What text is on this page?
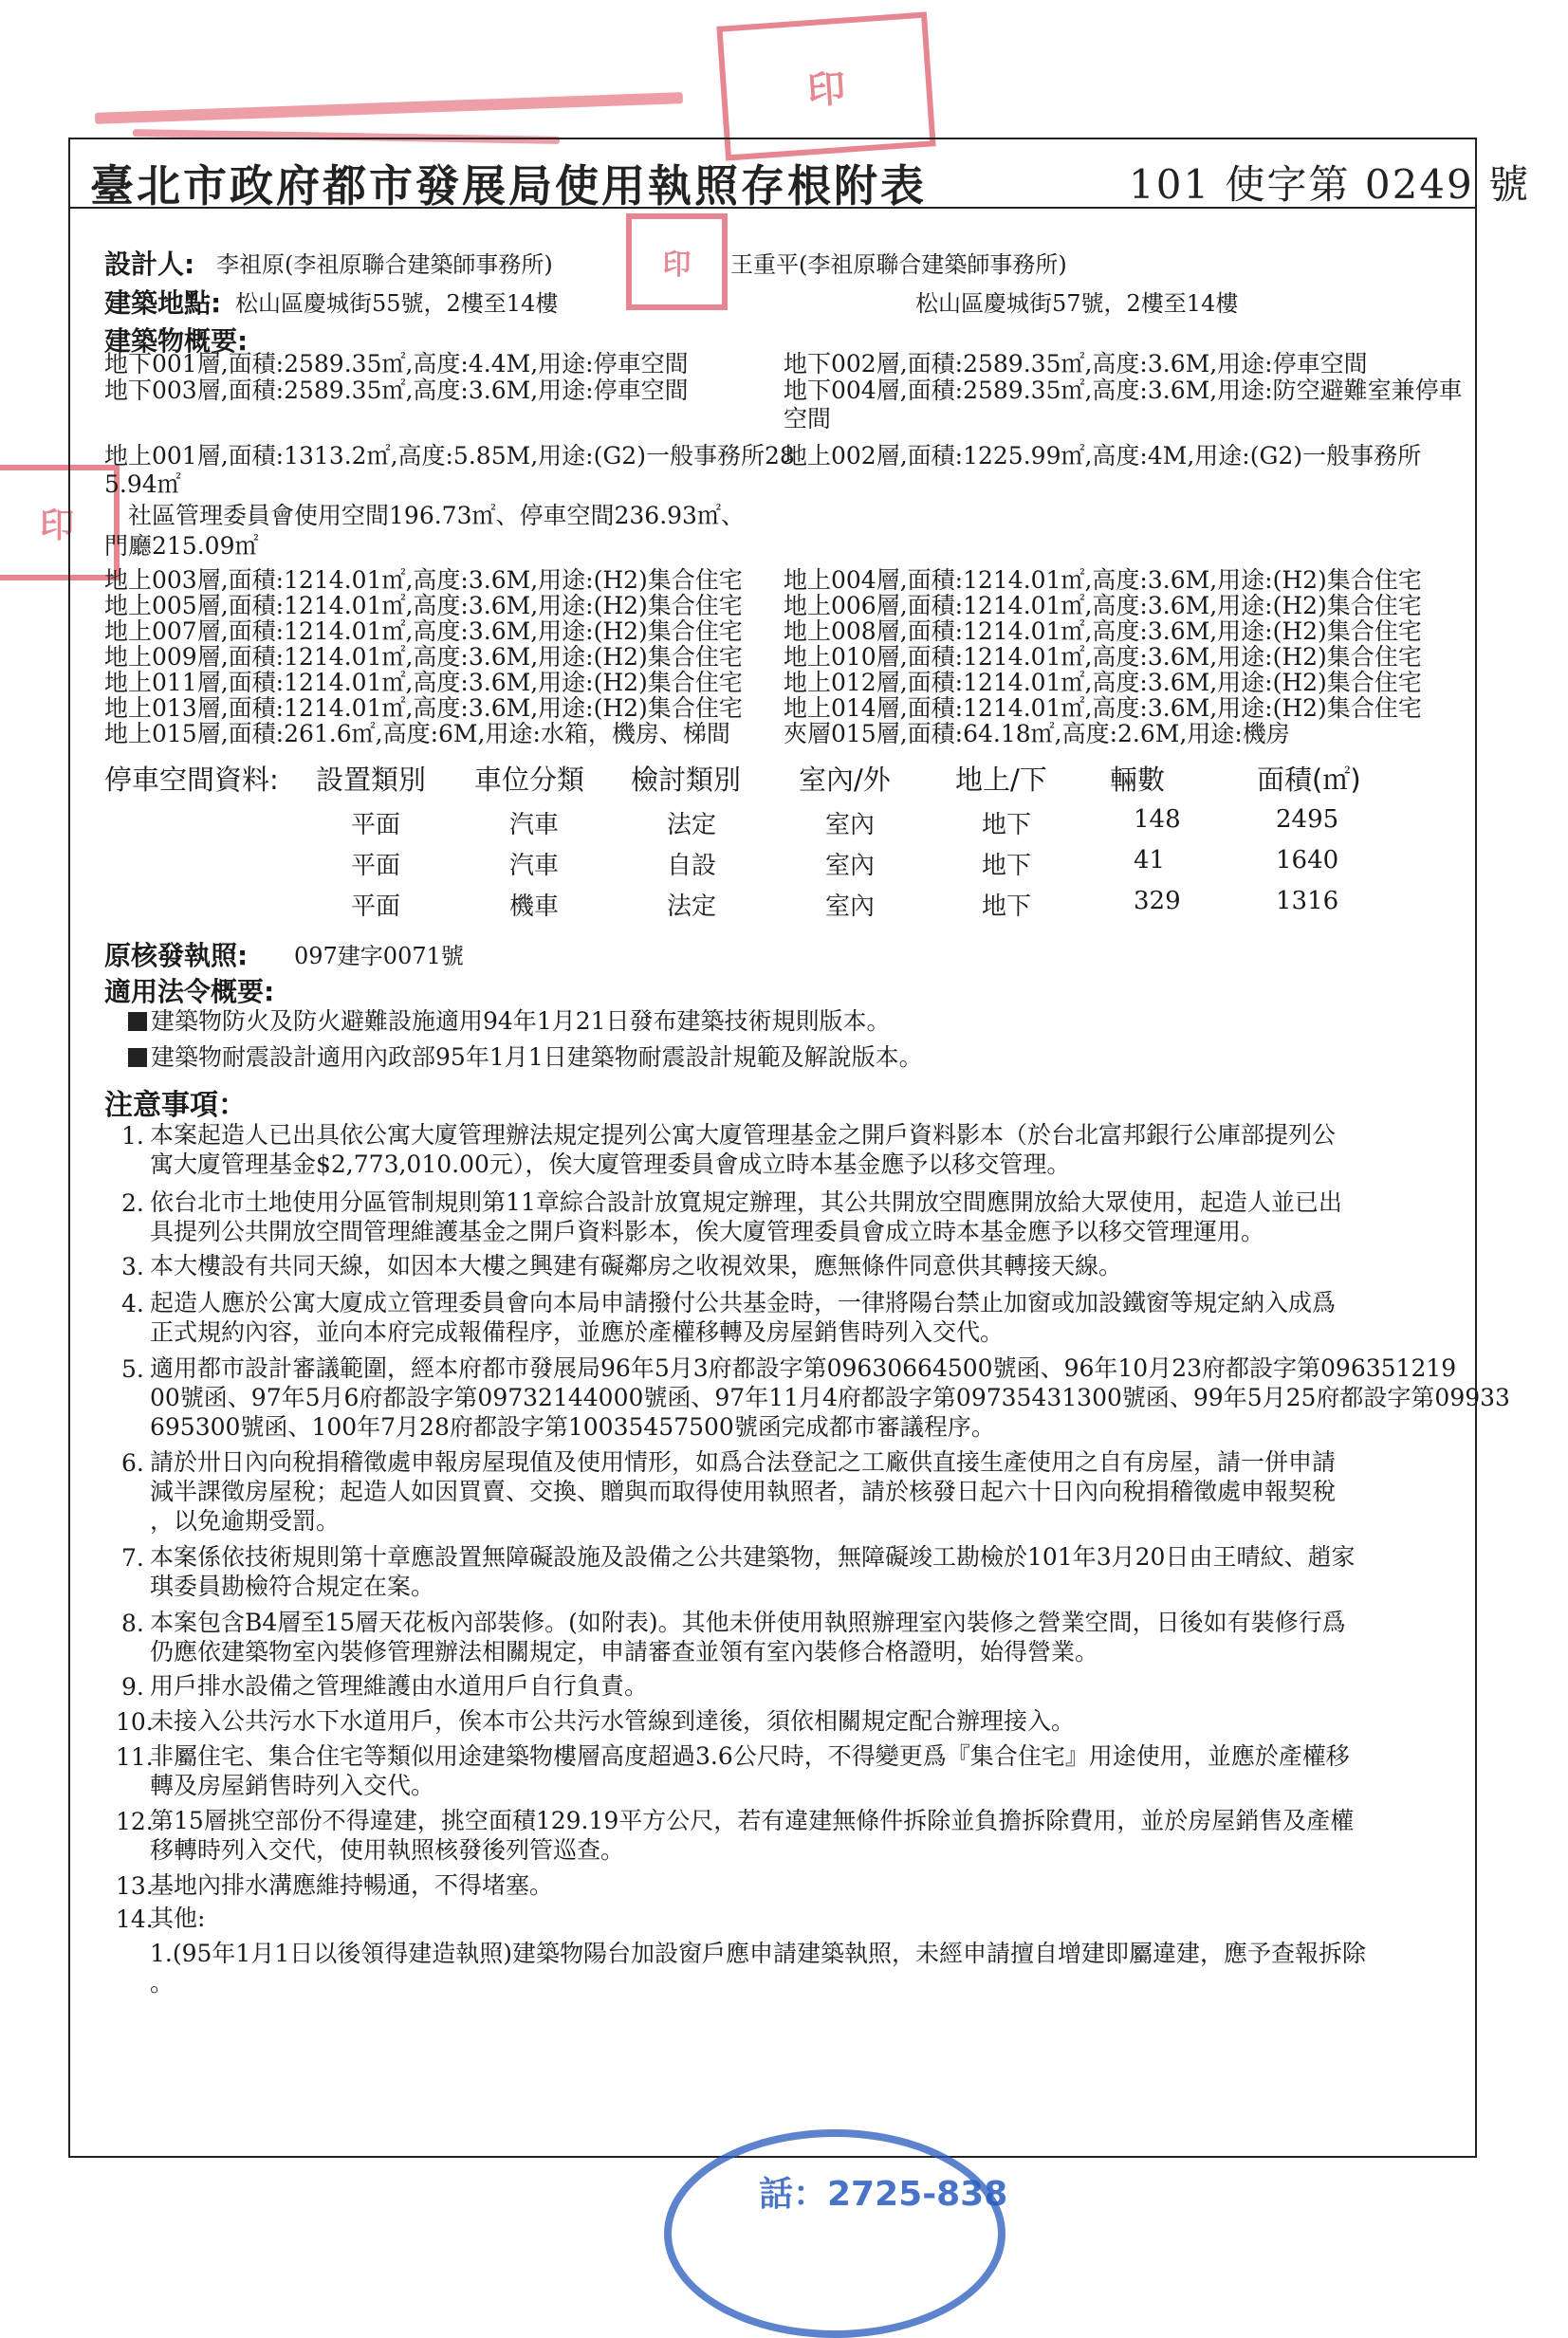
印
印
印
臺北市政府都市發展局使用執照存根附表	101 使字第 0249 號
設計人: 李祖原(李祖原聯合建築師事務所)	王重平(李祖原聯合建築師事務所)
建築地點: 松山區慶城街55號，2樓至14樓	松山區慶城街57號，2樓至14樓
建築物概要:
地下001層,面積:2589.35㎡,高度:4.4M,用途:停車空間	地下002層,面積:2589.35㎡,高度:3.6M,用途:停車空間
地下003層,面積:2589.35㎡,高度:3.6M,用途:停車空間	地下004層,面積:2589.35㎡,高度:3.6M,用途:防空避難室兼停車
空間
地上001層,面積:1313.2㎡,高度:5.85M,用途:(G2)一般事務所28
地上002層,面積:1225.99㎡,高度:4M,用途:(G2)一般事務所
5.94㎡
社區管理委員會使用空間196.73㎡、停車空間236.93㎡、
門廳215.09㎡
地上003層,面積:1214.01㎡,高度:3.6M,用途:(H2)集合住宅 地上004層,面積:1214.01㎡,高度:3.6M,用途:(H2)集合住宅
地上005層,面積:1214.01㎡,高度:3.6M,用途:(H2)集合住宅 地上006層,面積:1214.01㎡,高度:3.6M,用途:(H2)集合住宅
地上007層,面積:1214.01㎡,高度:3.6M,用途:(H2)集合住宅 地上008層,面積:1214.01㎡,高度:3.6M,用途:(H2)集合住宅
地上009層,面積:1214.01㎡,高度:3.6M,用途:(H2)集合住宅 地上010層,面積:1214.01㎡,高度:3.6M,用途:(H2)集合住宅
地上011層,面積:1214.01㎡,高度:3.6M,用途:(H2)集合住宅 地上012層,面積:1214.01㎡,高度:3.6M,用途:(H2)集合住宅
地上013層,面積:1214.01㎡,高度:3.6M,用途:(H2)集合住宅 地上014層,面積:1214.01㎡,高度:3.6M,用途:(H2)集合住宅
地上015層,面積:261.6㎡,高度:6M,用途:水箱，機房、梯間 夾層015層,面積:64.18㎡,高度:2.6M,用途:機房
停車空間資料: 設置類別 車位分類 檢討類別 室內/外 地上/下 輛數	面積(㎡)
平面	汽車	法定	室內	地下	148	2495
平面	汽車	自設	室內	地下	41	1640
平面	機車	法定	室內	地下	329	1316
原核發執照: 097建字0071號
適用法令概要:
建築物防火及防火避難設施適用94年1月21日發布建築技術規則版本。
建築物耐震設計適用內政部95年1月1日建築物耐震設計規範及解說版本。
注意事項：
1. 本案起造人已出具依公寓大廈管理辦法規定提列公寓大廈管理基金之開戶資料影本（於台北富邦銀行公庫部提列公
寓大廈管理基金$2,773,010.00元），俟大廈管理委員會成立時本基金應予以移交管理。
2. 依台北市土地使用分區管制規則第11章綜合設計放寬規定辦理，其公共開放空間應開放給大眾使用，起造人並已出
具提列公共開放空間管理維護基金之開戶資料影本，俟大廈管理委員會成立時本基金應予以移交管理運用。
3. 本大樓設有共同天線，如因本大樓之興建有礙鄰房之收視效果，應無條件同意供其轉接天線。
4. 起造人應於公寓大廈成立管理委員會向本局申請撥付公共基金時，一律將陽台禁止加窗或加設鐵窗等規定納入成爲
正式規約內容，並向本府完成報備程序，並應於產權移轉及房屋銷售時列入交代。
5. 適用都市設計審議範圍，經本府都市發展局96年5月3府都設字第09630664500號函、96年10月23府都設字第096351219
00號函、97年5月6府都設字第09732144000號函、97年11月4府都設字第09735431300號函、99年5月25府都設字第09933
695300號函、100年7月28府都設字第10035457500號函完成都市審議程序。
6. 請於卅日內向稅捐稽徵處申報房屋現值及使用情形，如爲合法登記之工廠供直接生產使用之自有房屋，請一併申請
減半課徵房屋稅；起造人如因買賣、交換、贈與而取得使用執照者，請於核發日起六十日內向稅捐稽徵處申報契稅
，以免逾期受罰。
7. 本案係依技術規則第十章應設置無障礙設施及設備之公共建築物，無障礙竣工勘檢於101年3月20日由王晴紋、趙家
琪委員勘檢符合規定在案。
8. 本案包含B4層至15層天花板內部裝修。(如附表)。其他未併使用執照辦理室內裝修之營業空間，日後如有裝修行爲
仍應依建築物室內裝修管理辦法相關規定，申請審查並領有室內裝修合格證明，始得營業。
9. 用戶排水設備之管理維護由水道用戶自行負責。
10.
未接入公共污水下水道用戶，俟本市公共污水管線到達後，須依相關規定配合辦理接入。
11.
非屬住宅、集合住宅等類似用途建築物樓層高度超過3.6公尺時，不得變更爲『集合住宅』用途使用，並應於產權移
轉及房屋銷售時列入交代。
12.
第15層挑空部份不得違建，挑空面積129.19平方公尺，若有違建無條件拆除並負擔拆除費用，並於房屋銷售及產權
移轉時列入交代，使用執照核發後列管巡查。
13.
基地內排水溝應維持暢通，不得堵塞。
14.
其他:
1.(95年1月1日以後領得建造執照)建築物陽台加設窗戶應申請建築執照，未經申請擅自增建即屬違建，應予查報拆除
。
話：2725-838
